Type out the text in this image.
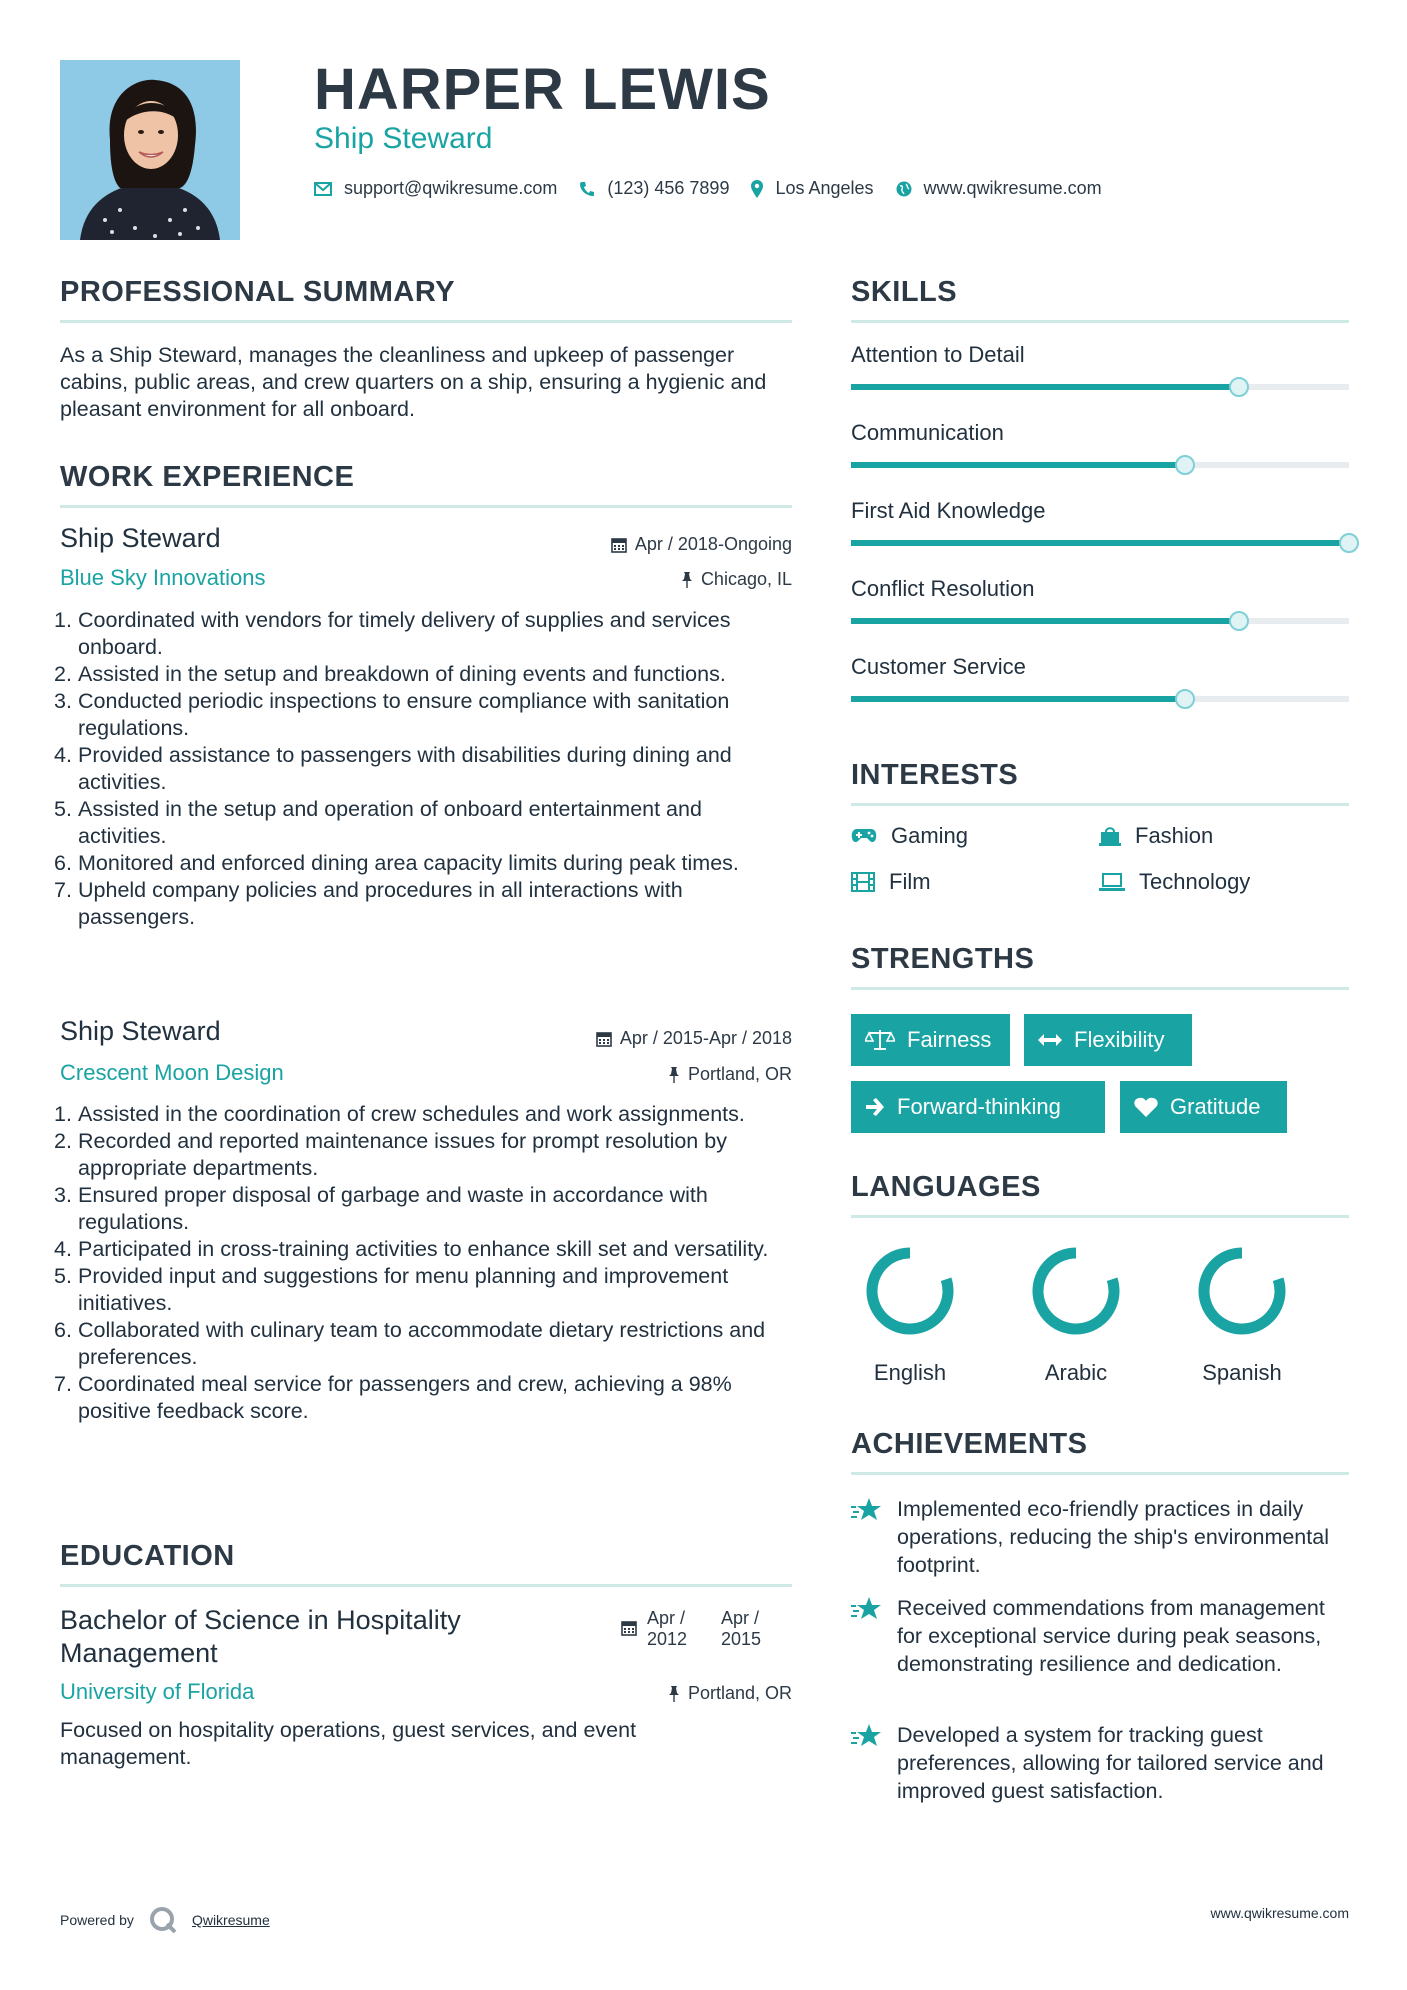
HARPER LEWIS
Ship Steward
support@qwikresume.com	(123) 456 7899	Los Angeles	www.qwikresume.com
PROFESSIONAL SUMMARY
As a Ship Steward, manages the cleanliness and upkeep of passenger cabins, public areas, and crew quarters on a ship, ensuring a hygienic and pleasant environment for all onboard.
WORK EXPERIENCE
Ship Steward	Apr / 2018-Ongoing
Blue Sky Innovations	Chicago, IL
1. Coordinated with vendors for timely delivery of supplies and services onboard.
2. Assisted in the setup and breakdown of dining events and functions.
3. Conducted periodic inspections to ensure compliance with sanitation regulations.
4. Provided assistance to passengers with disabilities during dining and activities.
5. Assisted in the setup and operation of onboard entertainment and activities.
6. Monitored and enforced dining area capacity limits during peak times.
7. Upheld company policies and procedures in all interactions with passengers.
Ship Steward	Apr / 2015-Apr / 2018
Crescent Moon Design	Portland, OR
1. Assisted in the coordination of crew schedules and work assignments.
2. Recorded and reported maintenance issues for prompt resolution by appropriate departments.
3. Ensured proper disposal of garbage and waste in accordance with regulations.
4. Participated in cross-training activities to enhance skill set and versatility.
5. Provided input and suggestions for menu planning and improvement initiatives.
6. Collaborated with culinary team to accommodate dietary restrictions and preferences.
7. Coordinated meal service for passengers and crew, achieving a 98% positive feedback score.
EDUCATION
Bachelor of Science in Hospitality Management
Apr / 2012
Apr / 2015
University of Florida	Portland, OR
Focused on hospitality operations, guest services, and event management.
SKILLS
Attention to Detail
Communication
First Aid Knowledge
Conflict Resolution
Customer Service
INTERESTS
Gaming	Fashion
Film	Technology
STRENGTHS
Fairness	Flexibility
Forward-thinking	Gratitude
LANGUAGES
English	Arabic	Spanish
ACHIEVEMENTS
Implemented eco-friendly practices in daily operations, reducing the ship's environmental footprint.
Received commendations from management for exceptional service during peak seasons, demonstrating resilience and dedication.
Developed a system for tracking guest preferences, allowing for tailored service and improved guest satisfaction.
Powered by	Qwikresume	www.qwikresume.com
